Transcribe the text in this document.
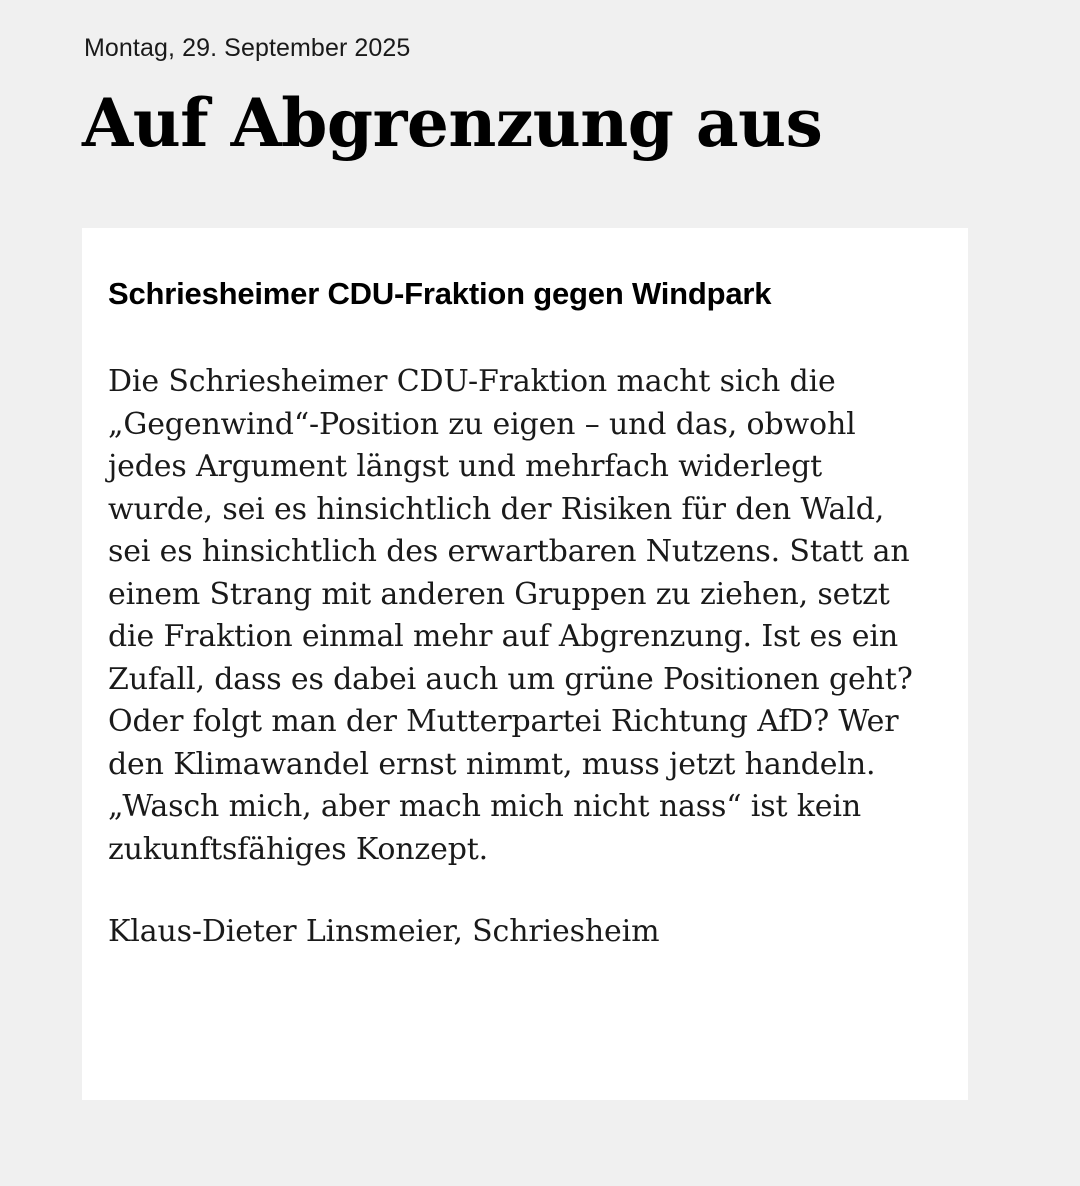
Montag, 29. September 2025
Auf Abgrenzung aus
Schriesheimer CDU-Fraktion gegen Windpark

Die Schriesheimer CDU-Fraktion macht sich die „Gegenwind“-Position zu eigen – und das, obwohl jedes Argument längst und mehrfach widerlegt wurde, sei es hinsichtlich der Risiken für den Wald, sei es hinsichtlich des erwartbaren Nutzens. Statt an einem Strang mit anderen Gruppen zu ziehen, setzt die Fraktion einmal mehr auf Abgrenzung. Ist es ein Zufall, dass es dabei auch um grüne Positionen geht? Oder folgt man der Mutterpartei Richtung AfD? Wer den Klimawandel ernst nimmt, muss jetzt handeln. „Wasch mich, aber mach mich nicht nass“ ist kein zukunftsfähiges Konzept.

Klaus-Dieter Linsmeier, Schriesheim
